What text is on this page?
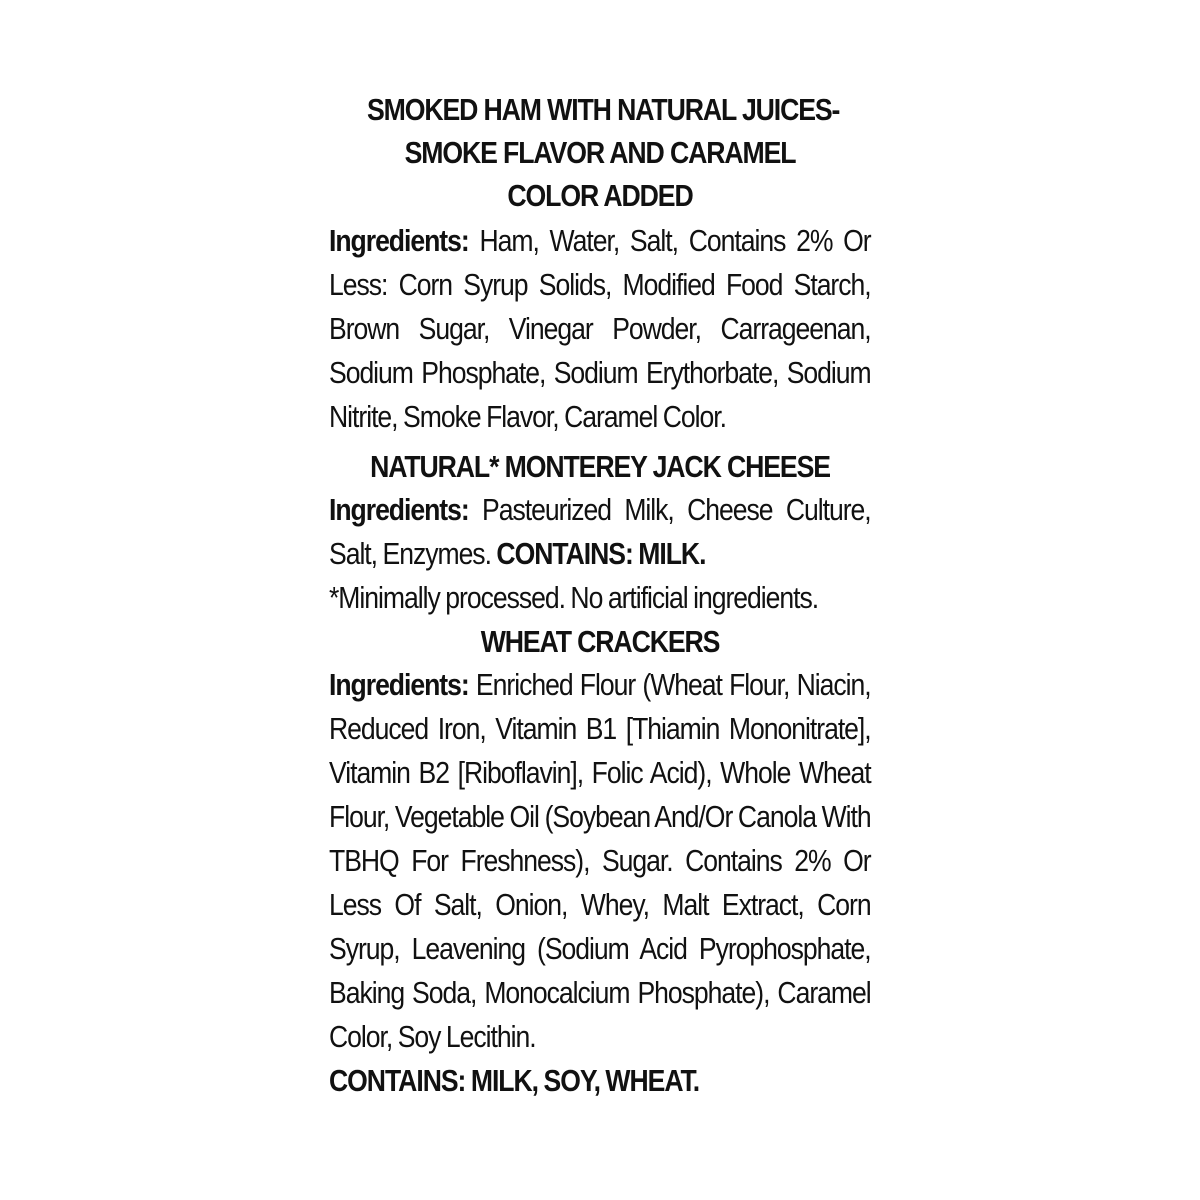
SMOKED HAM WITH NATURAL JUICES-
SMOKE FLAVOR AND CARAMEL
COLOR ADDED

Ingredients: Ham, Water, Salt, Contains 2% Or Less: Corn Syrup Solids, Modified Food Starch, Brown Sugar, Vinegar Powder, Carrageenan, Sodium Phosphate, Sodium Erythorbate, Sodium Nitrite, Smoke Flavor, Caramel Color.

NATURAL* MONTEREY JACK CHEESE

Ingredients: Pasteurized Milk, Cheese Culture, Salt, Enzymes. CONTAINS: MILK.

*Minimally processed. No artificial ingredients.

WHEAT CRACKERS

Ingredients: Enriched Flour (Wheat Flour, Niacin, Reduced Iron, Vitamin B1 [Thiamin Mononitrate], Vitamin B2 [Riboflavin], Folic Acid), Whole Wheat Flour, Vegetable Oil (Soybean And/Or Canola With TBHQ For Freshness), Sugar. Contains 2% Or Less Of Salt, Onion, Whey, Malt Extract, Corn Syrup, Leavening (Sodium Acid Pyrophosphate, Baking Soda, Monocalcium Phosphate), Caramel Color, Soy Lecithin.

CONTAINS: MILK, SOY, WHEAT.
